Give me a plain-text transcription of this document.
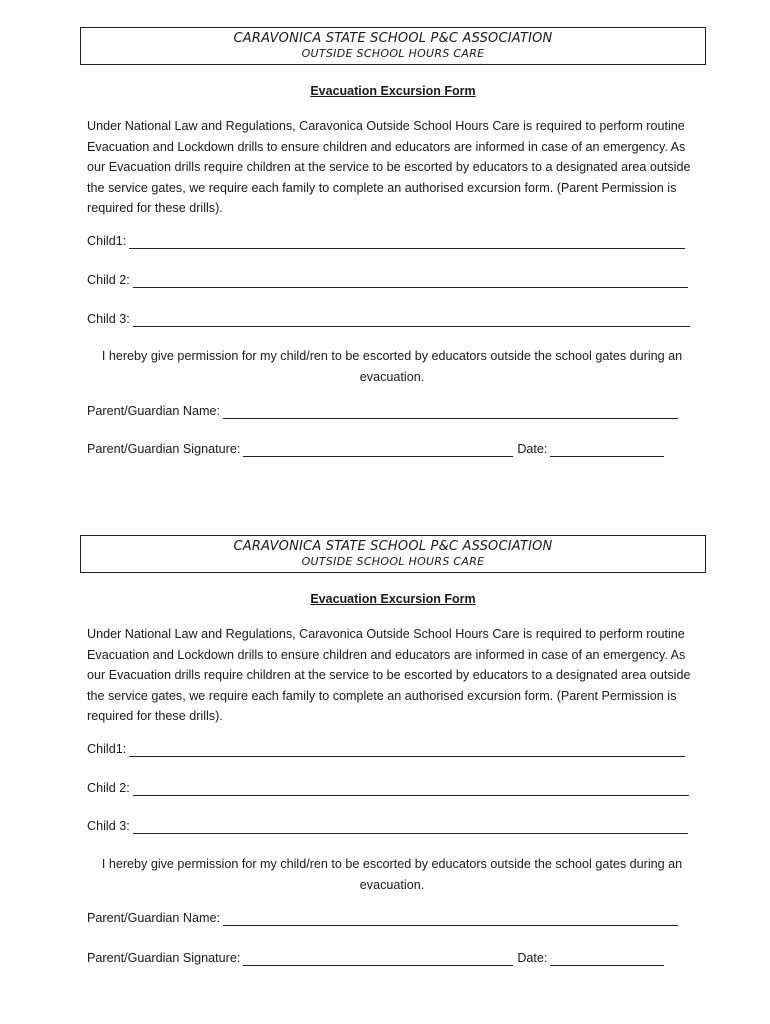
CARAVONICA STATE SCHOOL P&C ASSOCIATION
OUTSIDE SCHOOL HOURS CARE
Evacuation Excursion Form
Under National Law and Regulations, Caravonica Outside School Hours Care is required to perform routine Evacuation and Lockdown drills to ensure children and educators are informed in case of an emergency. As our Evacuation drills require children at the service to be escorted by educators to a designated area outside the service gates, we require each family to complete an authorised excursion form. (Parent Permission is required for these drills).
Child1:
Child 2:
Child 3:
I hereby give permission for my child/ren to be escorted by educators outside the school gates during an evacuation.
Parent/Guardian Name:
Parent/Guardian Signature:	Date:
CARAVONICA STATE SCHOOL P&C ASSOCIATION
OUTSIDE SCHOOL HOURS CARE
Evacuation Excursion Form
Under National Law and Regulations, Caravonica Outside School Hours Care is required to perform routine Evacuation and Lockdown drills to ensure children and educators are informed in case of an emergency. As our Evacuation drills require children at the service to be escorted by educators to a designated area outside the service gates, we require each family to complete an authorised excursion form. (Parent Permission is required for these drills).
Child1:
Child 2:
Child 3:
I hereby give permission for my child/ren to be escorted by educators outside the school gates during an evacuation.
Parent/Guardian Name:
Parent/Guardian Signature:	Date:
